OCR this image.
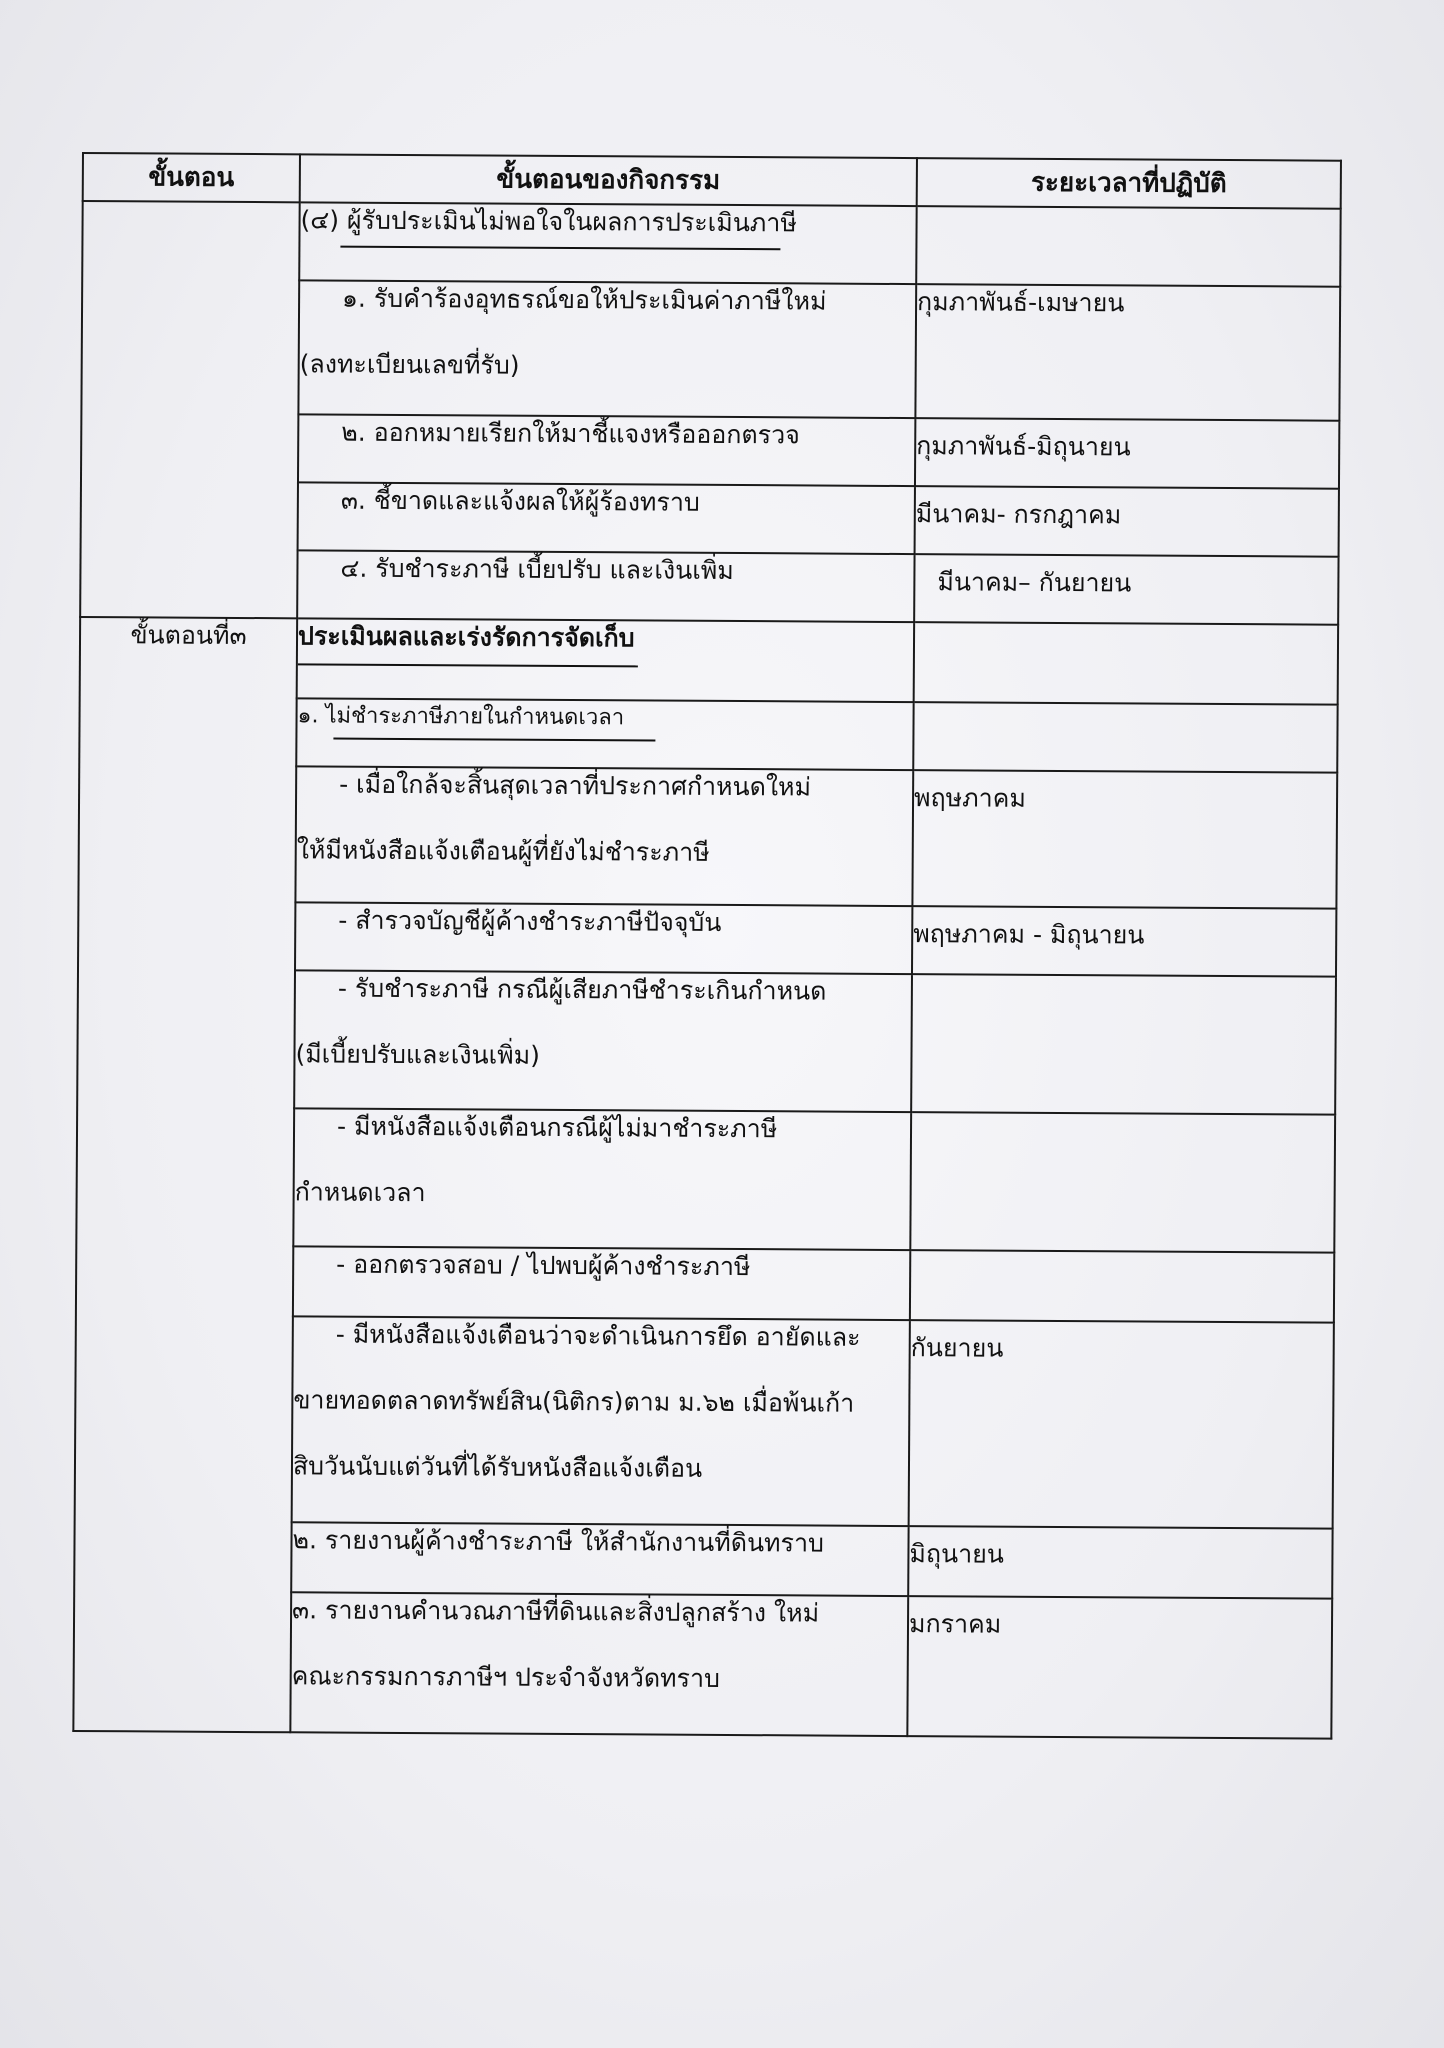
ขั้นตอน	ขั้นตอนของกิจกรรม	ระยะเวลาที่ปฏิบัติ

	(๔) ผู้รับประเมินไม่พอใจในผลการประเมินภาษี	

	๑. รับคำร้องอุทธรณ์ขอให้ประเมินค่าภาษีใหม่
(ลงทะเบียนเลขที่รับ)	กุมภาพันธ์-เมษายน

	๒. ออกหมายเรียกให้มาชี้แจงหรือออกตรวจ	กุมภาพันธ์-มิถุนายน

	๓. ชี้ขาดและแจ้งผลให้ผู้ร้องทราบ	มีนาคม- กรกฎาคม

	๔. รับชำระภาษี เบี้ยปรับ และเงินเพิ่ม	มีนาคม– กันยายน
ขั้นตอนที่๓	ประเมินผลและเร่งรัดการจัดเก็บ	

	๑. ไม่ชำระภาษีภายในกำหนดเวลา	

	- เมื่อใกล้จะสิ้นสุดเวลาที่ประกาศกำหนดใหม่
ให้มีหนังสือแจ้งเตือนผู้ที่ยังไม่ชำระภาษี	พฤษภาคม

	- สำรวจบัญชีผู้ค้างชำระภาษีปัจจุบัน	พฤษภาคม - มิถุนายน

	- รับชำระภาษี กรณีผู้เสียภาษีชำระเกินกำหนด
(มีเบี้ยปรับและเงินเพิ่ม)	

	- มีหนังสือแจ้งเตือนกรณีผู้ไม่มาชำระภาษี
กำหนดเวลา	

	- ออกตรวจสอบ / ไปพบผู้ค้างชำระภาษี	

	- มีหนังสือแจ้งเตือนว่าจะดำเนินการยึด อายัดและ
ขายทอดตลาดทรัพย์สิน(นิติกร)ตาม ม.๖๒ เมื่อพ้นเก้า
สิบวันนับแต่วันที่ได้รับหนังสือแจ้งเตือน	กันยายน

	๒. รายงานผู้ค้างชำระภาษี ให้สำนักงานที่ดินทราบ	มิถุนายน

	๓. รายงานคำนวณภาษีที่ดินและสิ่งปลูกสร้าง ใหม่
คณะกรรมการภาษีฯ ประจำจังหวัดทราบ	มกราคม
